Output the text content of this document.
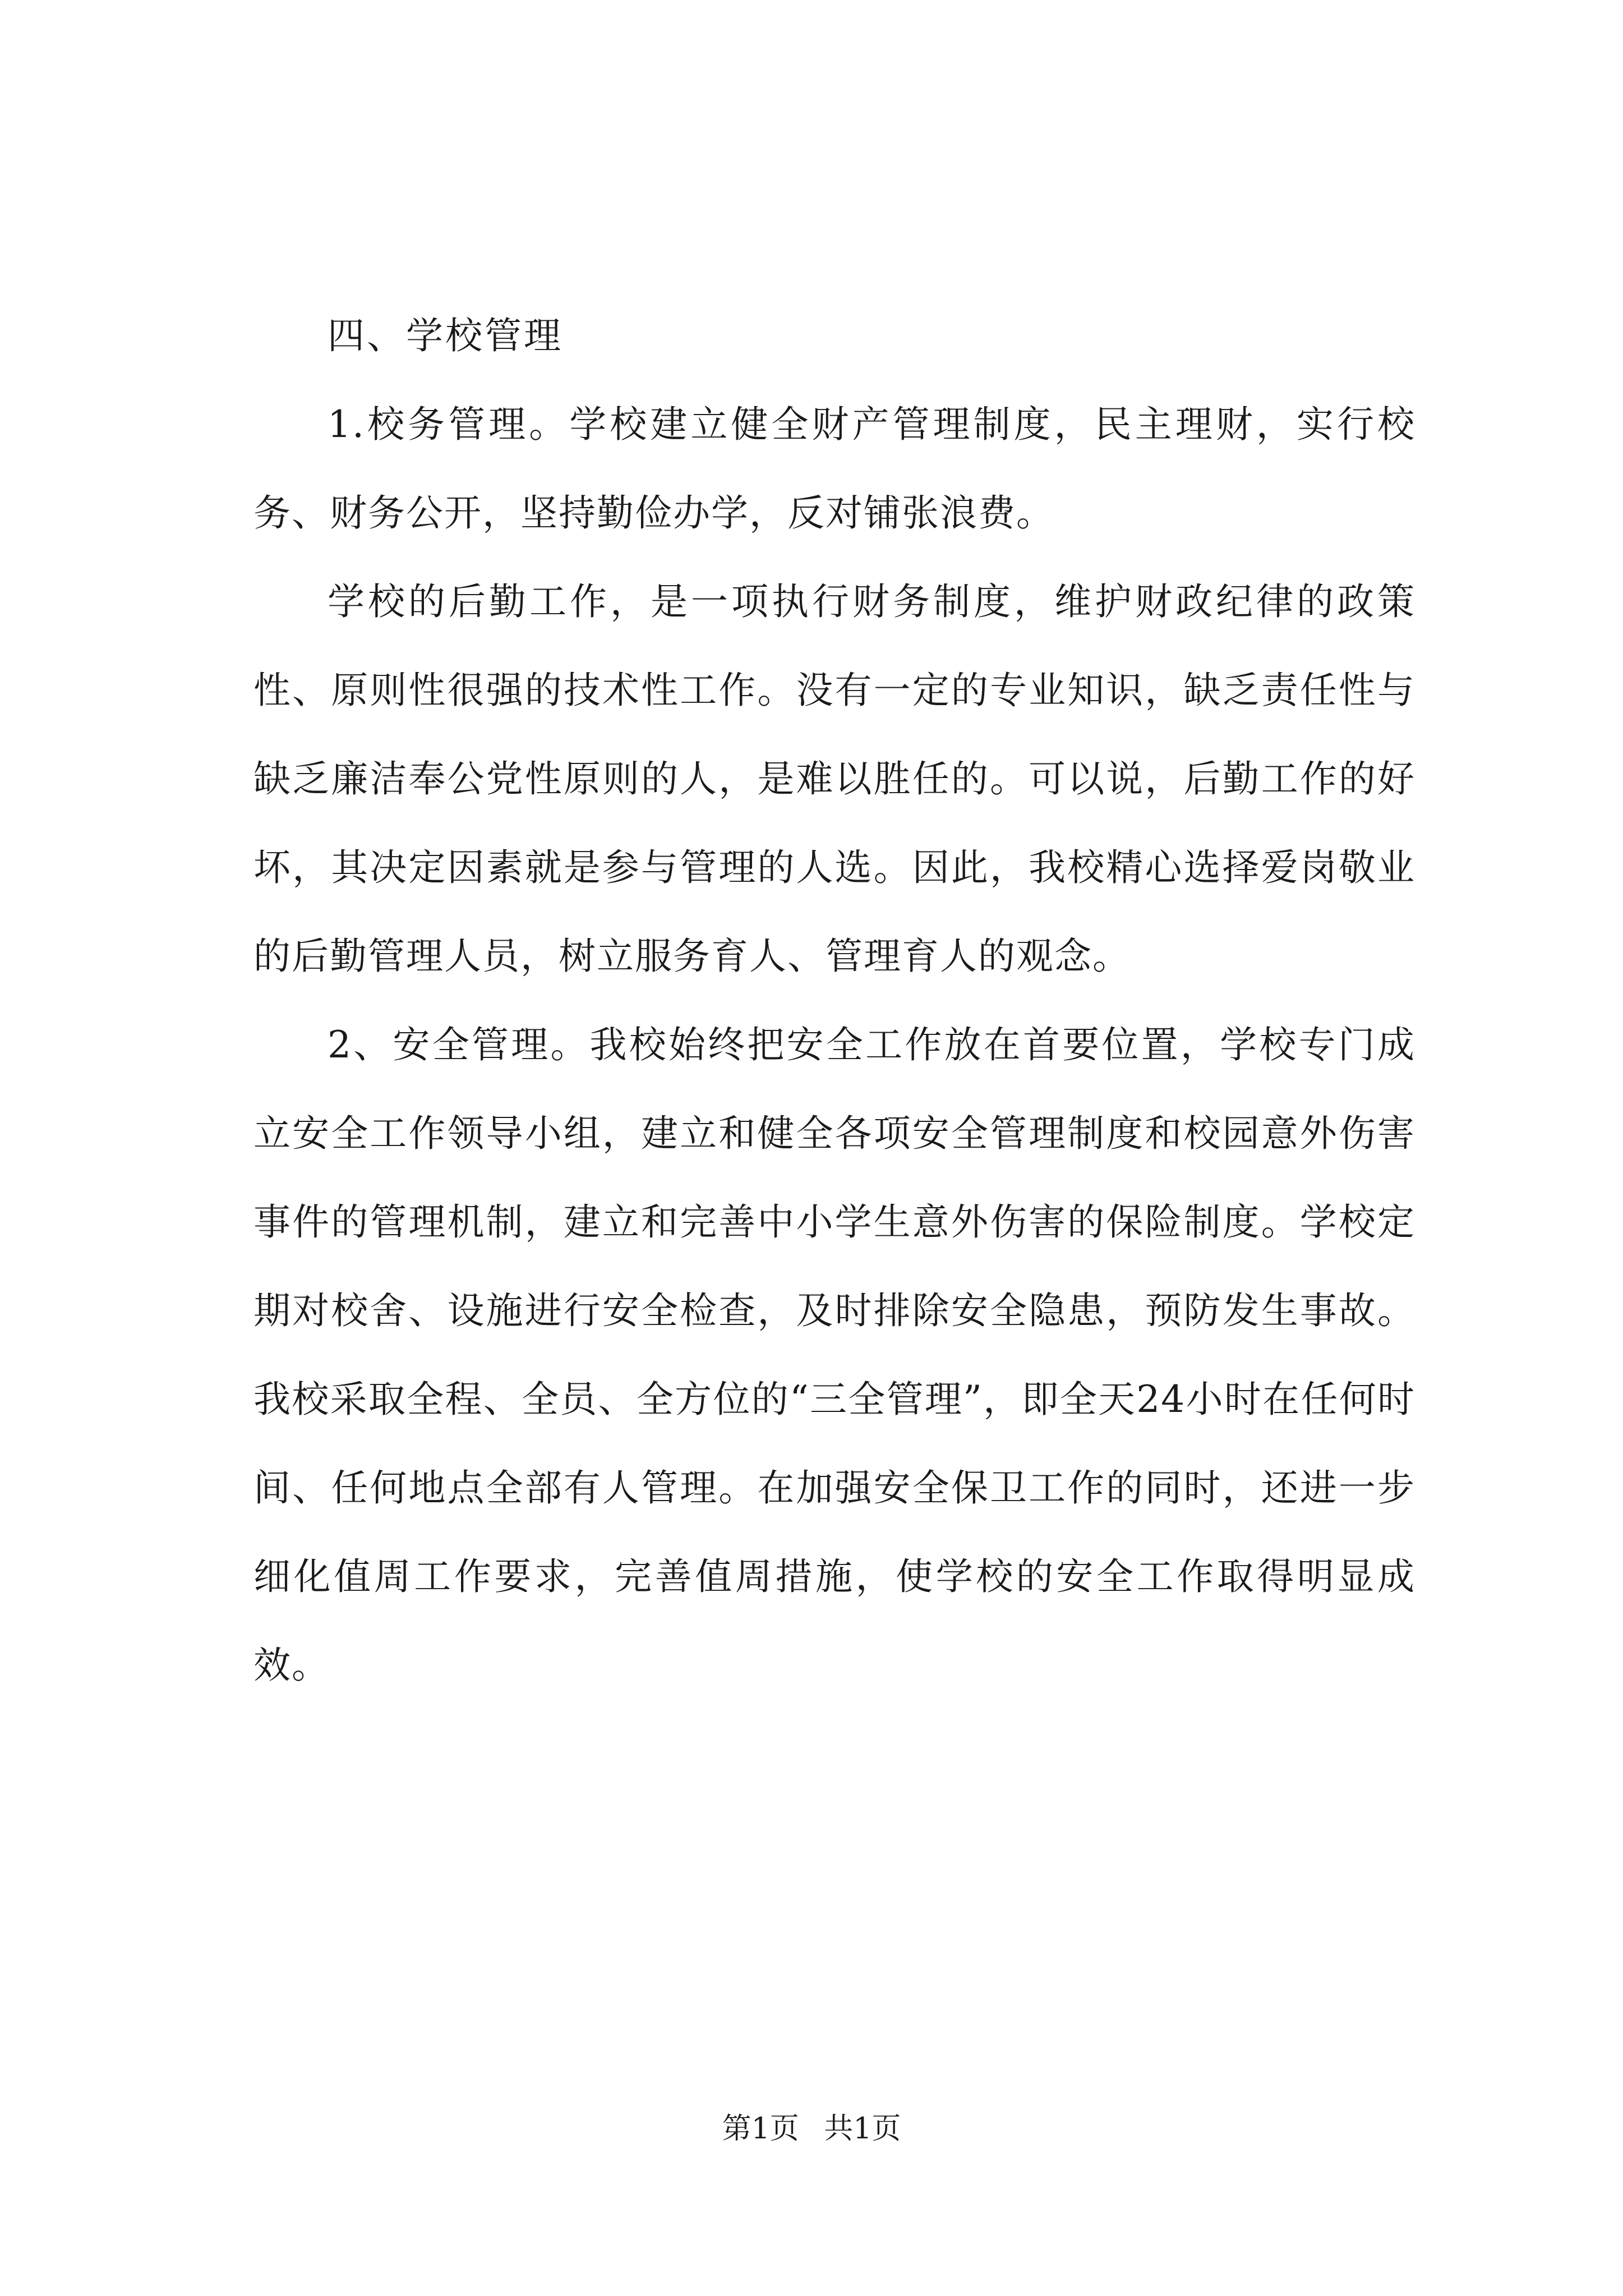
四、学校管理

1.校务管理。学校建立健全财产管理制度，民主理财，实行校务、财务公开，坚持勤俭办学，反对铺张浪费。

学校的后勤工作，是一项执行财务制度，维护财政纪律的政策性、原则性很强的技术性工作。没有一定的专业知识，缺乏责任性与缺乏廉洁奉公党性原则的人，是难以胜任的。可以说，后勤工作的好坏，其决定因素就是参与管理的人选。因此，我校精心选择爱岗敬业的后勤管理人员，树立服务育人、管理育人的观念。

2、安全管理。我校始终把安全工作放在首要位置，学校专门成立安全工作领导小组，建立和健全各项安全管理制度和校园意外伤害事件的管理机制，建立和完善中小学生意外伤害的保险制度。学校定期对校舍、设施进行安全检查，及时排除安全隐患，预防发生事故。我校采取全程、全员、全方位的“三全管理”，即全天24小时在任何时间、任何地点全部有人管理。在加强安全保卫工作的同时，还进一步细化值周工作要求，完善值周措施，使学校的安全工作取得明显成效。

第1页 共1页
